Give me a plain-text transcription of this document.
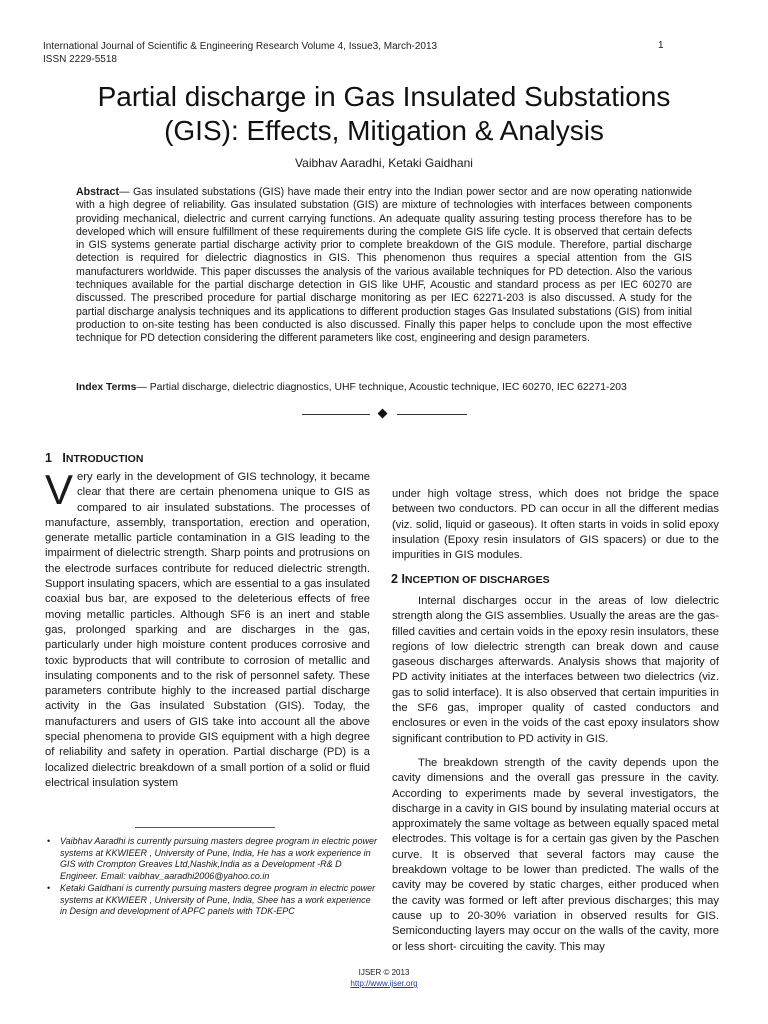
International Journal of Scientific & Engineering Research Volume 4, Issue3, March-2013
ISSN 2229-5518
1
Partial discharge in Gas Insulated Substations
(GIS): Effects, Mitigation & Analysis
Vaibhav Aaradhi, Ketaki Gaidhani

Abstract— Gas insulated substations (GIS) have made their entry into the Indian power sector and are now operating nationwide with a high degree of reliability. Gas insulated substation (GIS) are mixture of technologies with interfaces between components providing mechanical, dielectric and current carrying functions. An adequate quality assuring testing process therefore has to be developed which will ensure fulfillment of these requirements during the complete GIS life cycle. It is observed that certain defects in GIS systems generate partial discharge activity prior to complete breakdown of the GIS module. Therefore, partial discharge detection is required for dielectric diagnostics in GIS. This phenomenon thus requires a special attention from the GIS manufacturers worldwide. This paper discusses the analysis of the various available techniques for PD detection. Also the various techniques available for the partial discharge detection in GIS like UHF, Acoustic and standard process as per IEC 60270 are discussed. The prescribed procedure for partial discharge monitoring as per IEC 62271-203 is also discussed. A study for the partial discharge analysis techniques and its applications to different production stages Gas Insulated substations (GIS) from initial production to on-site testing has been conducted is also discussed. Finally this paper helps to conclude upon the most effective technique for PD detection considering the different parameters like cost, engineering and design parameters.

Index Terms— Partial discharge, dielectric diagnostics, UHF technique, Acoustic technique, IEC 60270, IEC 62271-203

1 INTRODUCTION

Very early in the development of GIS technology, it became clear that there are certain phenomena unique to GIS as compared to air insulated substations. The processes of manufacture, assembly, transportation, erection and operation, generate metallic particle contamination in a GIS leading to the impairment of dielectric strength. Sharp points and protrusions on the electrode surfaces contribute for reduced dielectric strength. Support insulating spacers, which are essential to a gas insulated coaxial bus bar, are exposed to the deleterious effects of free moving metallic particles. Although SF6 is an inert and stable gas, prolonged sparking and are discharges in the gas, particularly under high moisture content produces corrosive and toxic byproducts that will contribute to corrosion of metallic and insulating components and to the risk of personnel safety. These parameters contribute highly to the increased partial discharge activity in the Gas insulated Substation (GIS). Today, the manufacturers and users of GIS take into account all the above special phenomena to provide GIS equipment with a high degree of reliability and safety in operation. Partial discharge (PD) is a localized dielectric breakdown of a small portion of a solid or fluid electrical insulation system

under high voltage stress, which does not bridge the space between two conductors. PD can occur in all the different medias (viz. solid, liquid or gaseous). It often starts in voids in solid epoxy insulation (Epoxy resin insulators of GIS spacers) or due to the impurities in GIS modules.

2 INCEPTION OF DISCHARGES

Internal discharges occur in the areas of low dielectric strength along the GIS assemblies. Usually the areas are the gas-filled cavities and certain voids in the epoxy resin insulators, these regions of low dielectric strength can break down and cause gaseous discharges afterwards. Analysis shows that majority of PD activity initiates at the interfaces between two dielectrics (viz. gas to solid interface). It is also observed that certain impurities in the SF6 gas, improper quality of casted conductors and enclosures or even in the voids of the cast epoxy insulators show significant contribution to PD activity in GIS.

The breakdown strength of the cavity depends upon the cavity dimensions and the overall gas pressure in the cavity. According to experiments made by several investigators, the discharge in a cavity in GIS bound by insulating material occurs at approximately the same voltage as between equally spaced metal electrodes. This voltage is for a certain gas given by the Paschen curve. It is observed that several factors may cause the breakdown voltage to be lower than predicted. The walls of the cavity may be covered by static charges, either produced when the cavity was formed or left after previous discharges; this may cause up to 20-30% variation in observed results for GIS. Semiconducting layers may occur on the walls of the cavity, more or less short- circuiting the cavity. This may

• Vaibhav Aaradhi is currently pursuing masters degree program in electric power systems at KKWIEER , University of Pune, India, He has a work experience in GIS with Crompton Greaves Ltd,Nashik,India as a Development -R& D Engineer. Email: vaibhav_aaradhi2006@yahoo.co.in
• Ketaki Gaidhani is currently pursuing masters degree program in electric power systems at KKWIEER , University of Pune, India, Shee has a work experience in Design and development of APFC panels with TDK-EPC
IJSER © 2013
http://www.ijser.org
